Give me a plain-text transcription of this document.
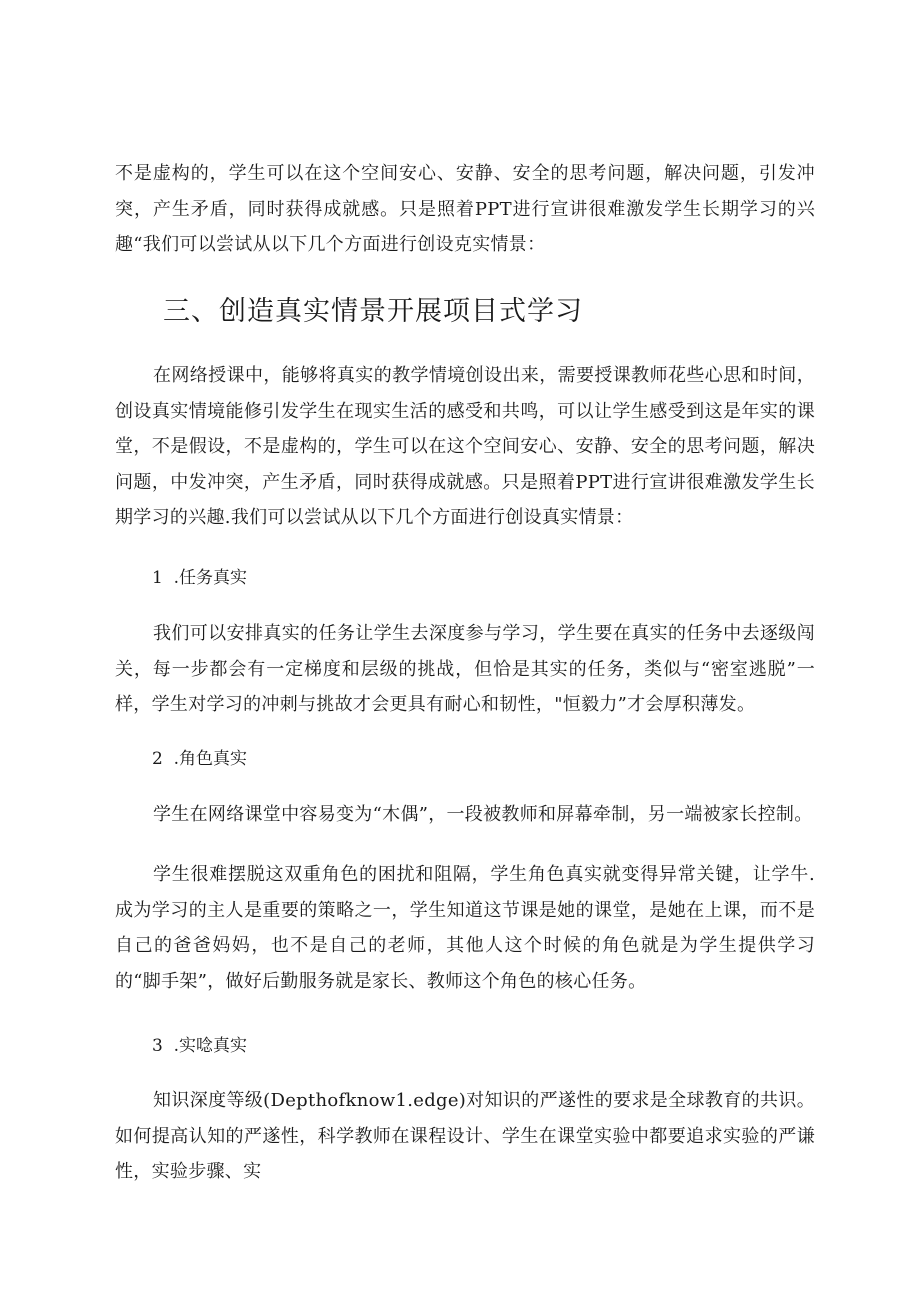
不是虚构的，学生可以在这个空间安心、安静、安全的思考问题，解决问题，引发冲突，产生矛盾，同时获得成就感。只是照着PPT进行宣讲很难激发学生长期学习的兴趣“我们可以尝试从以下几个方面进行创设克实情景：

三、创造真实情景开展项目式学习

在网络授课中，能够将真实的教学情境创设出来，需要授课教师花些心思和时间，创设真实情境能修引发学生在现实生活的感受和共鸣，可以让学生感受到这是年实的课堂，不是假设，不是虚构的，学生可以在这个空间安心、安静、安全的思考问题，解决问题，中发冲突，产生矛盾，同时获得成就感。只是照着PPT进行宣讲很难激发学生长期学习的兴趣.我们可以尝试从以下几个方面进行创设真实情景：

1  .任务真实

我们可以安排真实的任务让学生去深度参与学习，学生要在真实的任务中去逐级闯关，每一步都会有一定梯度和层级的挑战，但恰是其实的任务，类似与“密室逃脱”一样，学生对学习的冲刺与挑故才会更具有耐心和韧性，"恒毅力”才会厚积薄发。

2  .角色真实

学生在网络课堂中容易变为“木偶”，一段被教师和屏幕牵制，另一端被家长控制。

学生很难摆脱这双重角色的困扰和阻隔，学生角色真实就变得异常关键，让学牛.成为学习的主人是重要的策略之一，学生知道这节课是她的课堂，是她在上课，而不是自己的爸爸妈妈，也不是自己的老师，其他人这个时候的角色就是为学生提供学习的“脚手架”，做好后勤服务就是家长、教师这个角色的核心任务。

3  .实唸真实

知识深度等级(Depthofknow1.edge)对知识的严遂性的要求是全球教育的共识。如何提高认知的严遂性，科学教师在课程设计、学生在课堂实验中都要追求实验的严谦性，实验步骤、实
